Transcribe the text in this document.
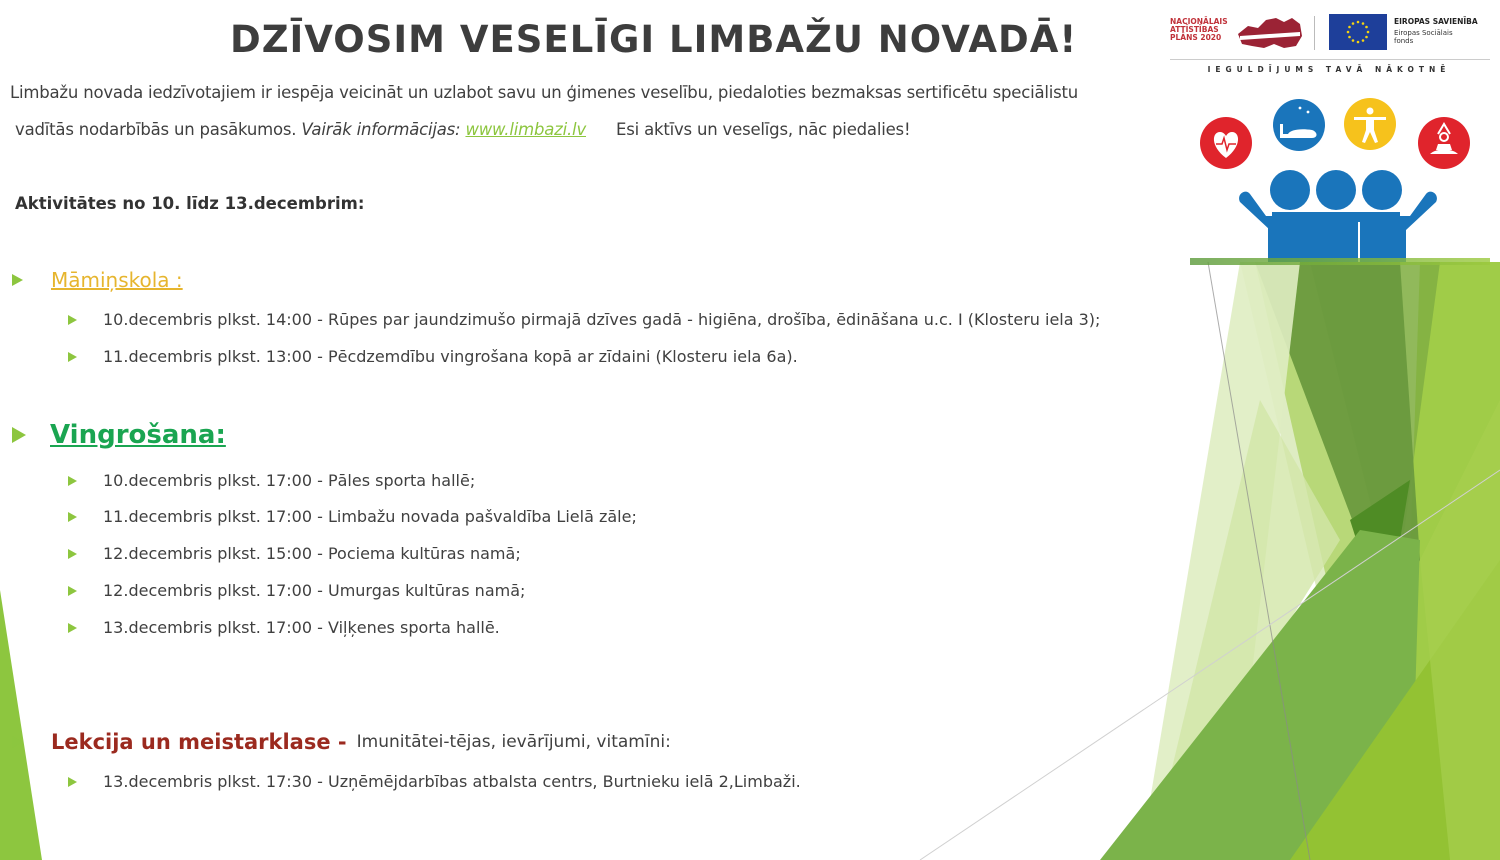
DZĪVOSIM VESELĪGI LIMBAŽU NOVADĀ!	NACIONĀLAIS
ATTĪSTĪBAS
PLĀNS 2020
EIROPAS SAVIENĪBA
Eiropas Sociālais
fonds
IEGULDĪJUMS TAVĀ NĀKOTNĒ
Limbažu novada iedzīvotajiem ir iespēja veicināt un uzlabot savu un ģimenes veselību, piedaloties bezmaksas sertificētu speciālistu
vadītās nodarbībās un pasākumos. Vairāk informācijas: www.limbazi.lv Esi aktīvs un veselīgs, nāc piedalies!
Aktivitātes no 10. līdz 13.decembrim:
Māmiņskola :
10.decembris plkst. 14:00 - Rūpes par jaundzimušo pirmajā dzīves gadā - higiēna, drošība, ēdināšana u.c. I (Klosteru iela 3);
11.decembris plkst. 13:00 - Pēcdzemdību vingrošana kopā ar zīdaini (Klosteru iela 6a).
Vingrošana:
10.decembris plkst. 17:00 - Pāles sporta hallē;
11.decembris plkst. 17:00 - Limbažu novada pašvaldība Lielā zāle;
12.decembris plkst. 15:00 - Pociema kultūras namā;
12.decembris plkst. 17:00 - Umurgas kultūras namā;
13.decembris plkst. 17:00 - Viļķenes sporta hallē.
Lekcija un meistarklase - Imunitātei-tējas, ievārījumi, vitamīni:
13.decembris plkst. 17:30 - Uzņēmējdarbības atbalsta centrs, Burtnieku ielā 2,Limbaži.
